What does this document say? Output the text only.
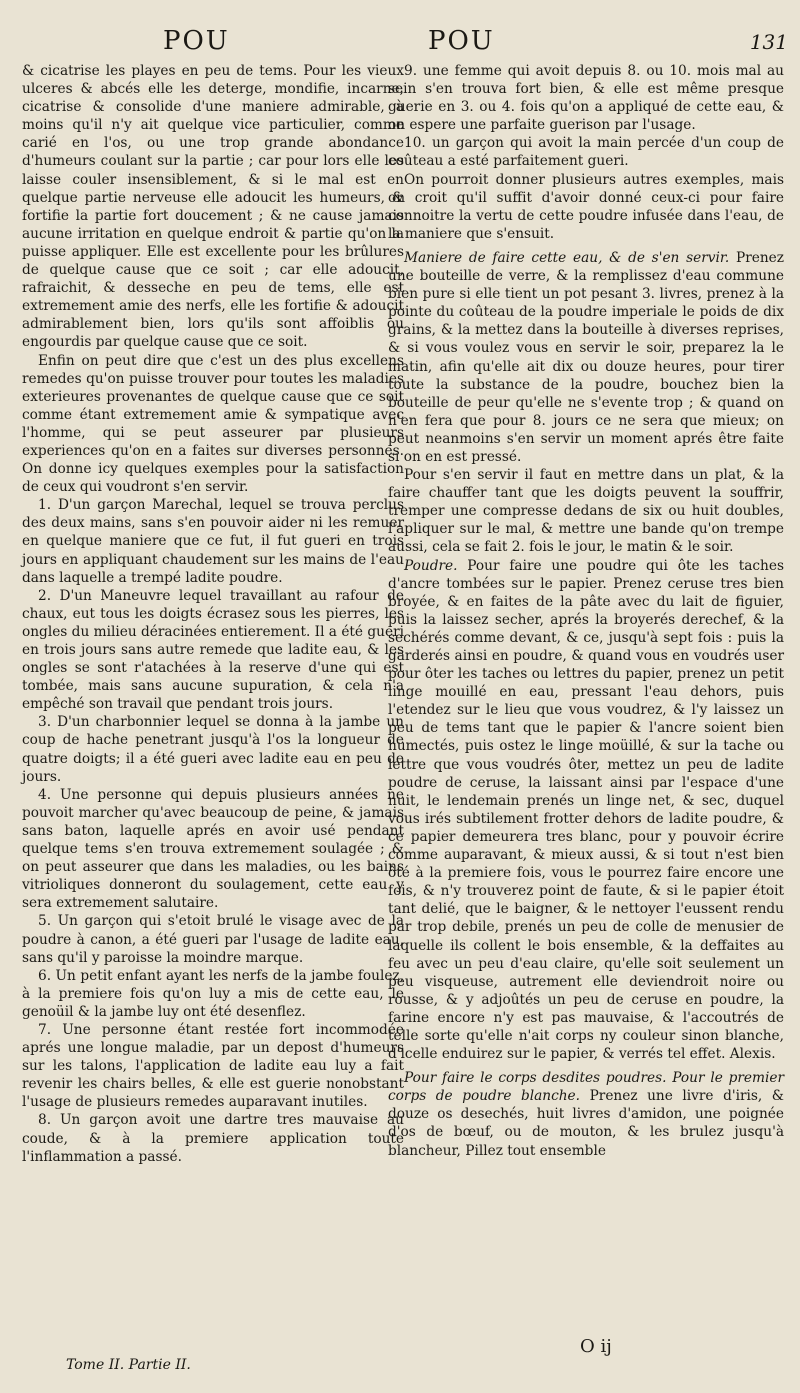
POU	POU	131

& cicatrise les playes en peu de tems. Pour les vieux ulceres & abcés elle les deterge, mondifie, incarne, cicatrise & consolide d'une maniere admirable, à moins qu'il n'y ait quelque vice particulier, comme carié en l'os, ou une trop grande abondance d'humeurs coulant sur la partie ; car pour lors elle les laisse couler insensiblement, & si le mal est en quelque partie nerveuse elle adoucit les humeurs, & fortifie la partie fort doucement ; & ne cause jamais aucune irritation en quelque endroit & partie qu'on la puisse appliquer. Elle est excellente pour les brûlures de quelque cause que ce soit ; car elle adoucit, rafraichit, & desseche en peu de tems, elle est extremement amie des nerfs, elle les fortifie & adoucit admirablement bien, lors qu'ils sont affoiblis ou engourdis par quelque cause que ce soit.

Enfin on peut dire que c'est un des plus excellens remedes qu'on puisse trouver pour toutes les maladies exterieures provenantes de quelque cause que ce soit comme étant extremement amie & sympatique avec l'homme, qui se peut asseurer par plusieurs experiences qu'on en a faites sur diverses personnes. On donne icy quelques exemples pour la satisfaction de ceux qui voudront s'en servir.

1. D'un garçon Marechal, lequel se trouva perclus des deux mains, sans s'en pouvoir aider ni les remuer en quelque maniere que ce fut, il fut gueri en trois jours en appliquant chaudement sur les mains de l'eau dans laquelle a trempé ladite poudre.

2. D'un Maneuvre lequel travaillant au rafour de chaux, eut tous les doigts écrasez sous les pierres, les ongles du milieu déracinées entierement. Il a été gueri en trois jours sans autre remede que ladite eau, & les ongles se sont r'atachées à la reserve d'une qui est tombée, mais sans aucune supuration, & cela n'a empêché son travail que pendant trois jours.

3. D'un charbonnier lequel se donna à la jambe un coup de hache penetrant jusqu'à l'os la longueur de quatre doigts; il a été gueri avec ladite eau en peu de jours.

4. Une personne qui depuis plusieurs années ne pouvoit marcher qu'avec beaucoup de peine, & jamais sans baton, laquelle aprés en avoir usé pendant quelque tems s'en trouva extremement soulagée ; & on peut asseurer que dans les maladies, ou les bains vitrioliques donneront du soulagement, cette eau y sera extremement salutaire.

5. Un garçon qui s'etoit brulé le visage avec de la poudre à canon, a été gueri par l'usage de ladite eau, sans qu'il y paroisse la moindre marque.

6. Un petit enfant ayant les nerfs de la jambe foulez, à la premiere fois qu'on luy a mis de cette eau, le genoüil & la jambe luy ont été desenflez.

7. Une personne étant restée fort incommodée aprés une longue maladie, par un depost d'humeurs sur les talons, l'application de ladite eau luy a fait revenir les chairs belles, & elle est guerie nonobstant l'usage de plusieurs remedes auparavant inutiles.

8. Un garçon avoit une dartre tres mauvaise au coude, & à la premiere application toute l'inflammation a passé.

9. une femme qui avoit depuis 8. ou 10. mois mal au sein s'en trouva fort bien, & elle est même presque guerie en 3. ou 4. fois qu'on a appliqué de cette eau, & on espere une parfaite guerison par l'usage.

10. un garçon qui avoit la main percée d'un coup de coûteau a esté parfaitement gueri.

On pourroit donner plusieurs autres exemples, mais on croit qu'il suffit d'avoir donné ceux-ci pour faire connoitre la vertu de cette poudre infusée dans l'eau, de la maniere que s'ensuit.

Maniere de faire cette eau, & de s'en servir. Prenez une bouteille de verre, & la remplissez d'eau commune bien pure si elle tient un pot pesant 3. livres, prenez à la pointe du coûteau de la poudre imperiale le poids de dix grains, & la mettez dans la bouteille à diverses reprises, & si vous voulez vous en servir le soir, preparez la le matin, afin qu'elle ait dix ou douze heures, pour tirer toute la substance de la poudre, bouchez bien la bouteille de peur qu'elle ne s'evente trop ; & quand on n'en fera que pour 8. jours ce ne sera que mieux; on peut neanmoins s'en servir un moment aprés être faite si on en est pressé.

Pour s'en servir il faut en mettre dans un plat, & la faire chauffer tant que les doigts peuvent la souffrir, tremper une compresse dedans de six ou huit doubles, l'apliquer sur le mal, & mettre une bande qu'on trempe aussi, cela se fait 2. fois le jour, le matin & le soir.

Poudre. Pour faire une poudre qui ôte les taches d'ancre tombées sur le papier. Prenez ceruse tres bien broyée, & en faites de la pâte avec du lait de figuier, puis la laissez secher, aprés la broyerés derechef, & la sechérés comme devant, & ce, jusqu'à sept fois : puis la garderés ainsi en poudre, & quand vous en voudrés user pour ôter les taches ou lettres du papier, prenez un petit linge mouillé en eau, pressant l'eau dehors, puis l'etendez sur le lieu que vous voudrez, & l'y laissez un peu de tems tant que le papier & l'ancre soient bien humectés, puis ostez le linge moüillé, & sur la tache ou lettre que vous voudrés ôter, mettez un peu de ladite poudre de ceruse, la laissant ainsi par l'espace d'une nuit, le lendemain prenés un linge net, & sec, duquel vous irés subtilement frotter dehors de ladite poudre, & ce papier demeurera tres blanc, pour y pouvoir écrire comme auparavant, & mieux aussi, & si tout n'est bien ôté à la premiere fois, vous le pourrez faire encore une fois, & n'y trouverez point de faute, & si le papier étoit tant delié, que le baigner, & le nettoyer l'eussent rendu par trop debile, prenés un peu de colle de menusier de laquelle ils collent le bois ensemble, & la deffaites au feu avec un peu d'eau claire, qu'elle soit seulement un peu visqueuse, autrement elle deviendroit noire ou rousse, & y adjoûtés un peu de ceruse en poudre, la farine encore n'y est pas mauvaise, & l'accoutrés de telle sorte qu'elle n'ait corps ny couleur sinon blanche, d'icelle enduirez sur le papier, & verrés tel effet. Alexis.

Pour faire le corps desdites poudres. Pour le premier corps de poudre blanche. Prenez une livre d'iris, & douze os desechés, huit livres d'amidon, une poignée d'os de bœuf, ou de mouton, & les brulez jusqu'à blancheur, Pillez tout ensemble

Tome II. Partie II.
O ij
